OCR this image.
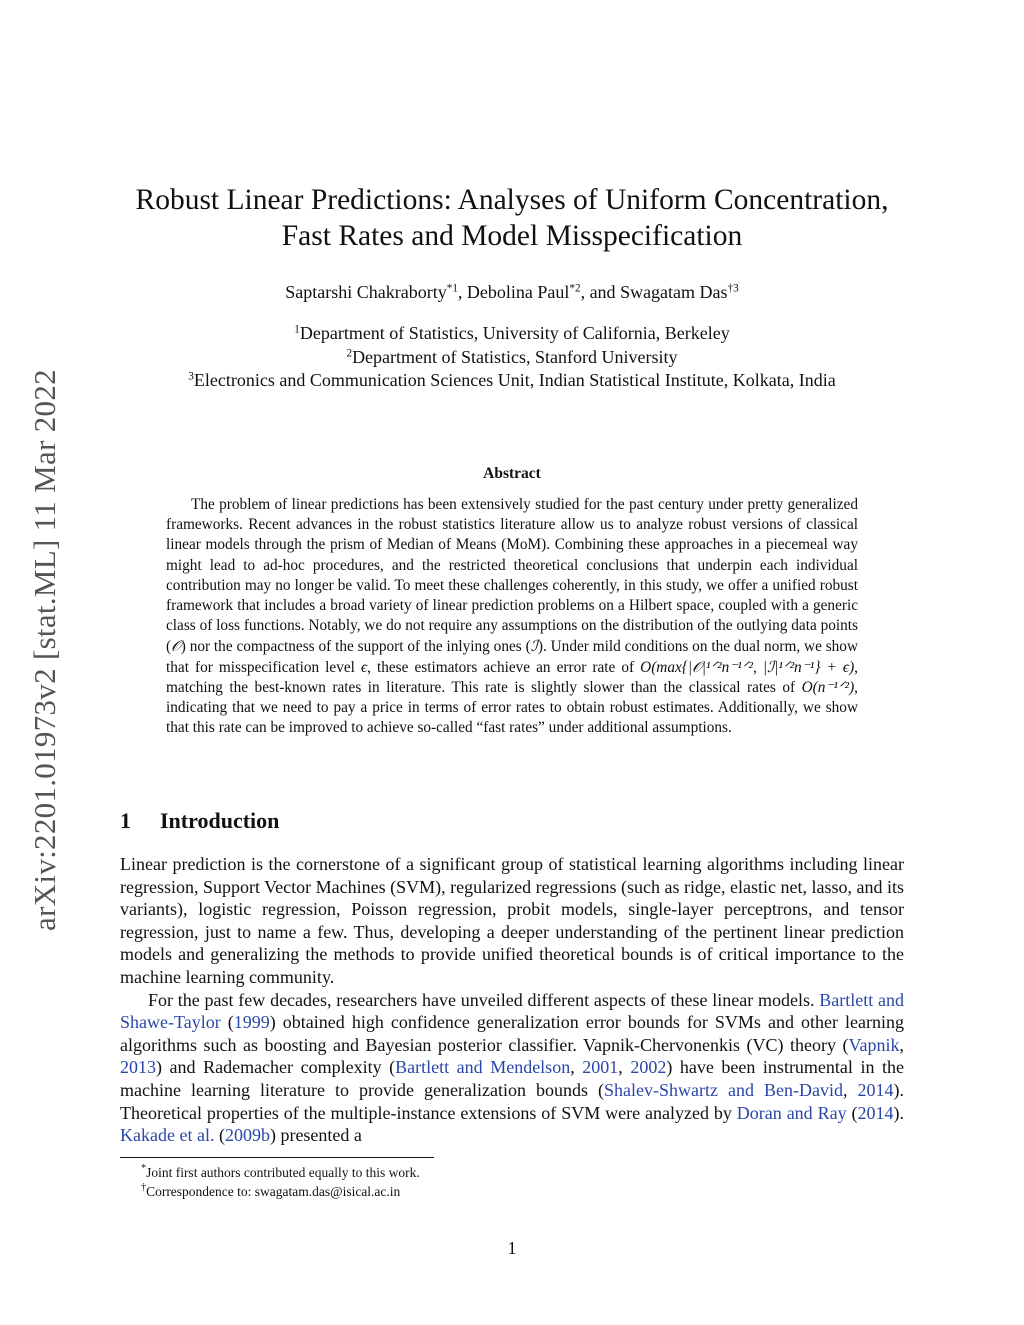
arXiv:2201.01973v2 [stat.ML] 11 Mar 2022
Robust Linear Predictions: Analyses of Uniform Concentration,
Fast Rates and Model Misspecification
Saptarshi Chakraborty$^{*1}$, Debolina Paul$^{*2}$, and Swagatam Das$^{\dagger 3}$
$^1$Department of Statistics, University of California, Berkeley
$^2$Department of Statistics, Stanford University
$^3$Electronics and Communication Sciences Unit, Indian Statistical Institute, Kolkata, India
Abstract
The problem of linear predictions has been extensively studied for the past century under pretty generalized frameworks. Recent advances in the robust statistics literature allow us to analyze robust versions of classical linear models through the prism of Median of Means (MoM). Combining these approaches in a piecemeal way might lead to ad-hoc procedures, and the restricted theoretical conclusions that underpin each individual contribution may no longer be valid. To meet these challenges coherently, in this study, we offer a unified robust framework that includes a broad variety of linear prediction problems on a Hilbert space, coupled with a generic class of loss functions. Notably, we do not require any assumptions on the distribution of the outlying data points (𝒪) nor the compactness of the support of the inlying ones (ℐ). Under mild conditions on the dual norm, we show that for misspecification level ϵ, these estimators achieve an error rate of O(max{|𝒪|¹ᐟ²n⁻¹ᐟ², |ℐ|¹ᐟ²n⁻¹} + ϵ), matching the best-known rates in literature. This rate is slightly slower than the classical rates of O(n⁻¹ᐟ²), indicating that we need to pay a price in terms of error rates to obtain robust estimates. Additionally, we show that this rate can be improved to achieve so-called “fast rates” under additional assumptions.
1 Introduction

Linear prediction is the cornerstone of a significant group of statistical learning algorithms including linear regression, Support Vector Machines (SVM), regularized regressions (such as ridge, elastic net, lasso, and its variants), logistic regression, Poisson regression, probit models, single-layer perceptrons, and tensor regression, just to name a few. Thus, developing a deeper understanding of the pertinent linear prediction models and generalizing the methods to provide unified theoretical bounds is of critical importance to the machine learning community.

For the past few decades, researchers have unveiled different aspects of these linear models. Bartlett and Shawe-Taylor (1999) obtained high confidence generalization error bounds for SVMs and other learning algorithms such as boosting and Bayesian posterior classifier. Vapnik-Chervonenkis (VC) theory (Vapnik, 2013) and Rademacher complexity (Bartlett and Mendelson, 2001, 2002) have been instrumental in the machine learning literature to provide generalization bounds (Shalev-Shwartz and Ben-David, 2014). Theoretical properties of the multiple-instance extensions of SVM were analyzed by Doran and Ray (2014). Kakade et al. (2009b) presented a

*Joint first authors contributed equally to this work.
†Correspondence to: swagatam.das@isical.ac.in
1
